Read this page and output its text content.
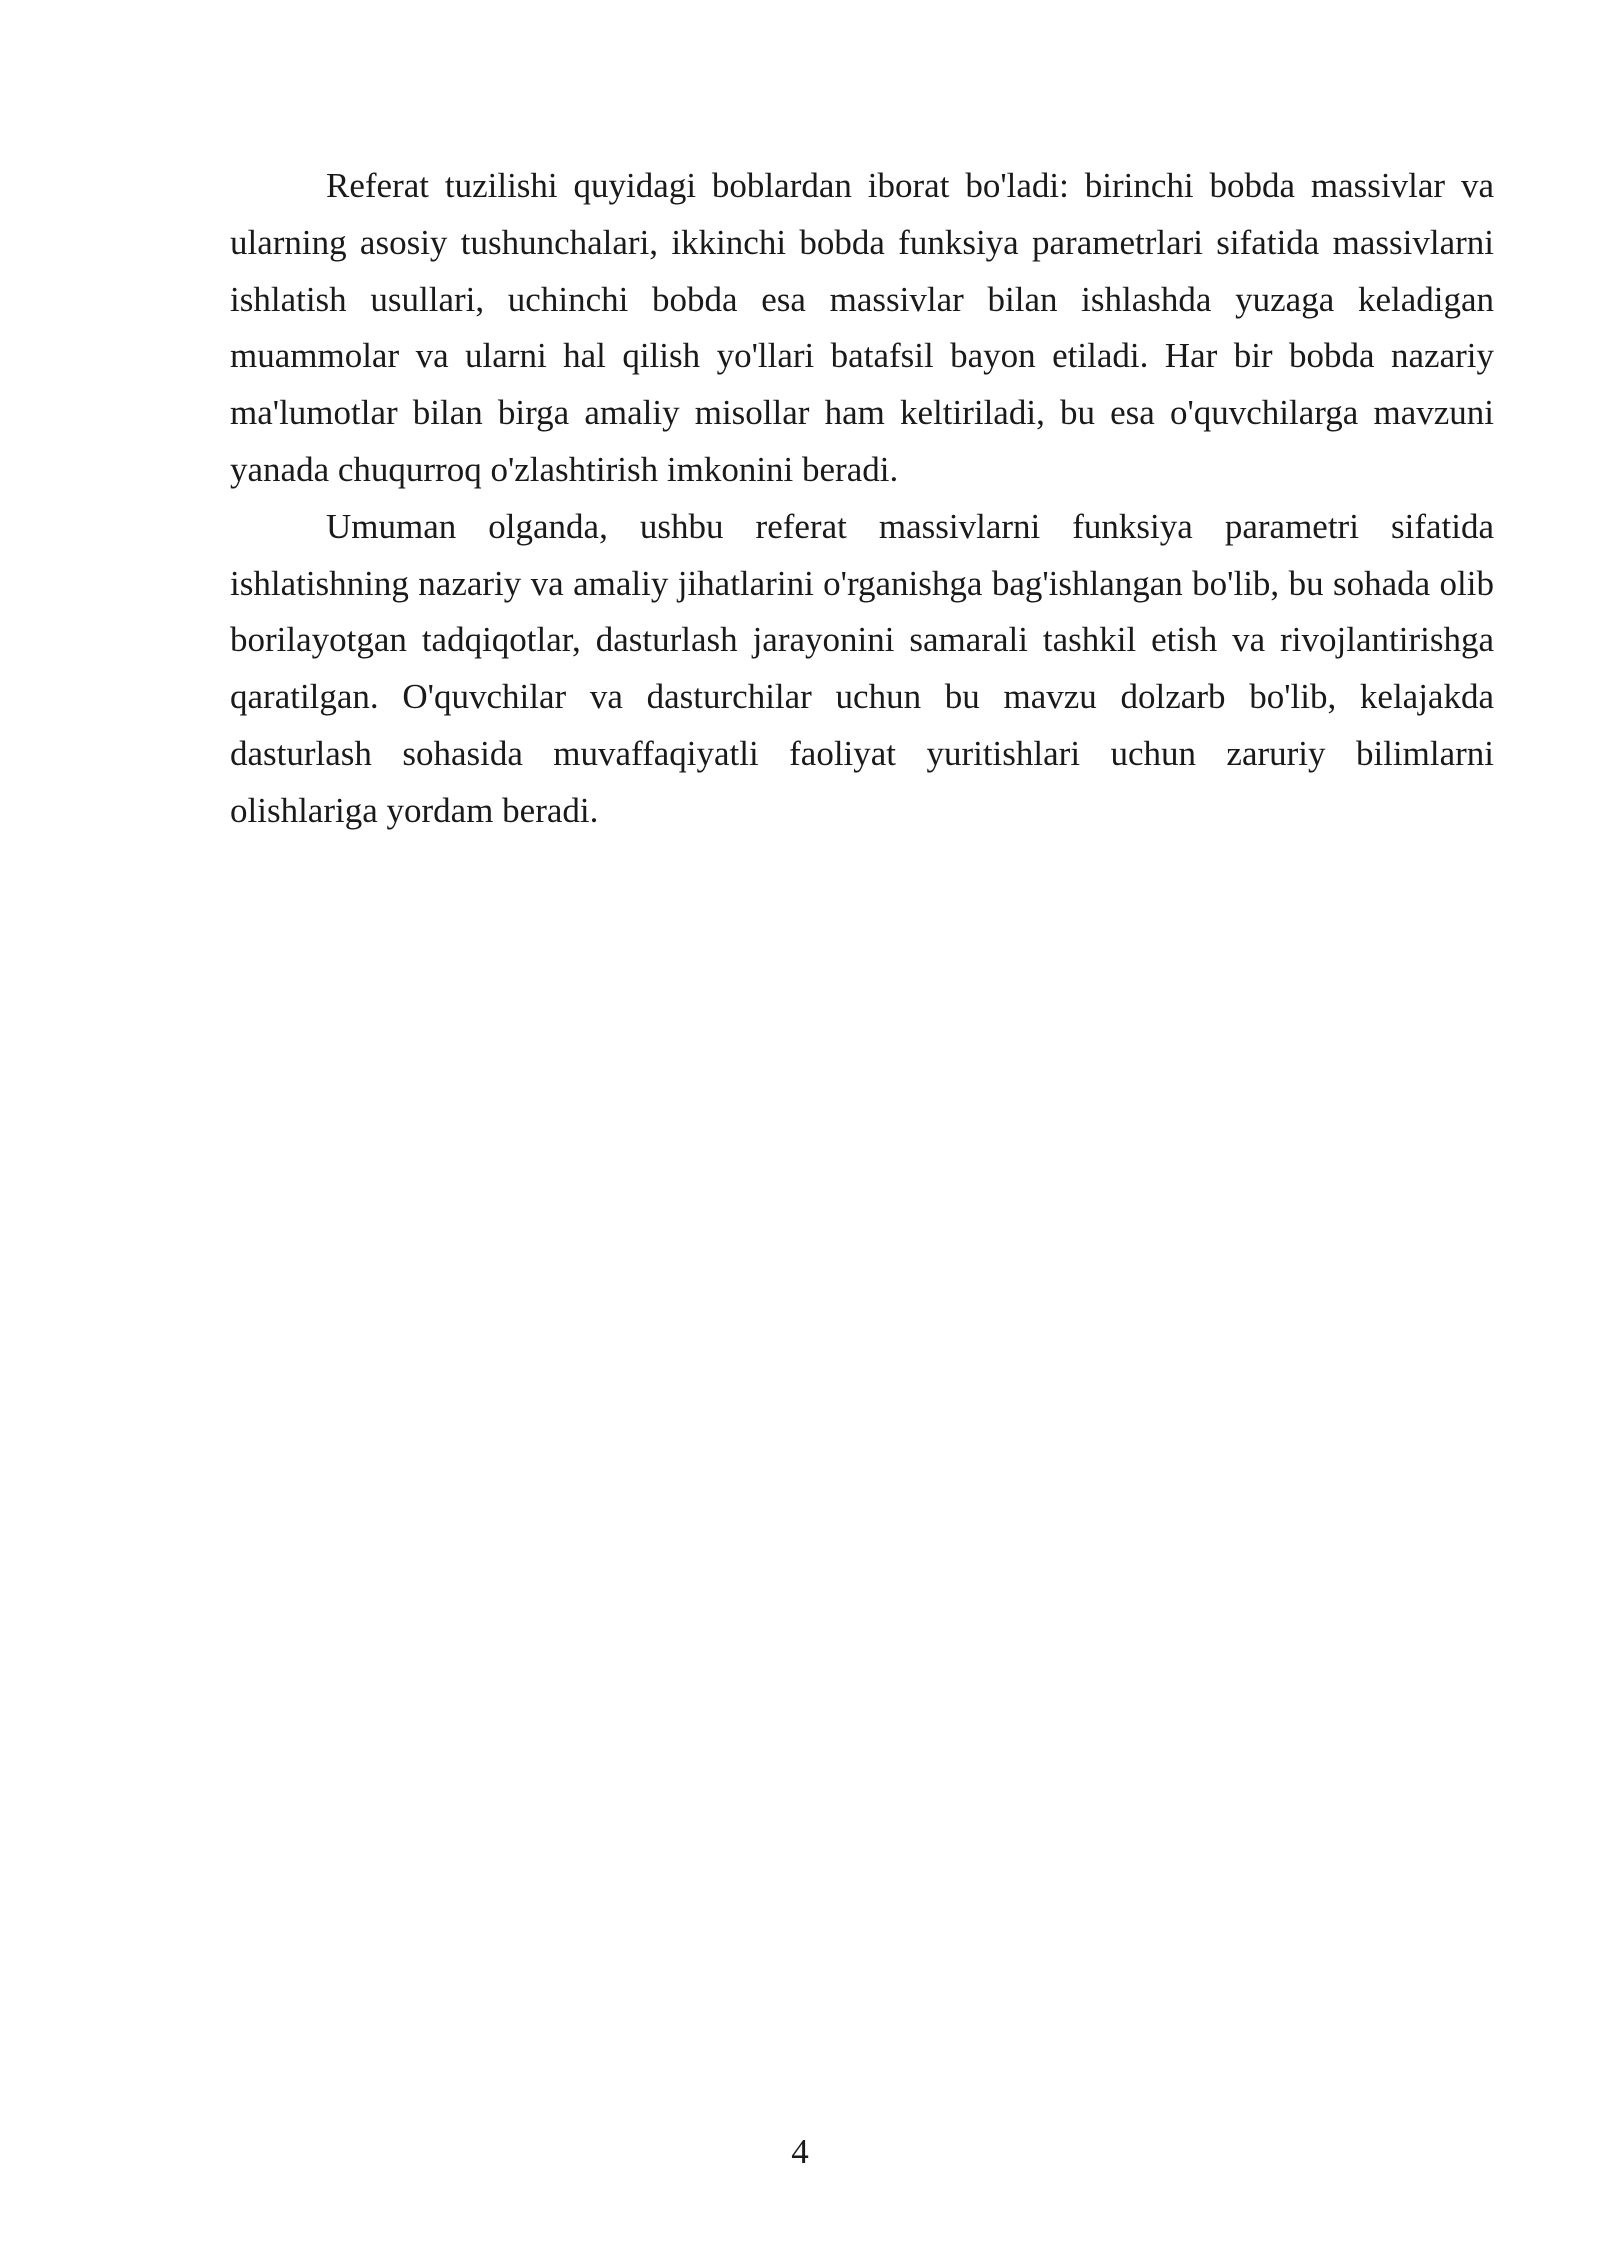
Referat tuzilishi quyidagi boblardan iborat bo'ladi: birinchi bobda massivlar va ularning asosiy tushunchalari, ikkinchi bobda funksiya parametrlari sifatida massivlarni ishlatish usullari, uchinchi bobda esa massivlar bilan ishlashda yuzaga keladigan muammolar va ularni hal qilish yo'llari batafsil bayon etiladi. Har bir bobda nazariy ma'lumotlar bilan birga amaliy misollar ham keltiriladi, bu esa o'quvchilarga mavzuni yanada chuqurroq o'zlashtirish imkonini beradi.

Umuman olganda, ushbu referat massivlarni funksiya parametri sifatida ishlatishning nazariy va amaliy jihatlarini o'rganishga bag'ishlangan bo'lib, bu sohada olib borilayotgan tadqiqotlar, dasturlash jarayonini samarali tashkil etish va rivojlantirishga qaratilgan. O'quvchilar va dasturchilar uchun bu mavzu dolzarb bo'lib, kelajakda dasturlash sohasida muvaffaqiyatli faoliyat yuritishlari uchun zaruriy bilimlarni olishlariga yordam beradi.

4
